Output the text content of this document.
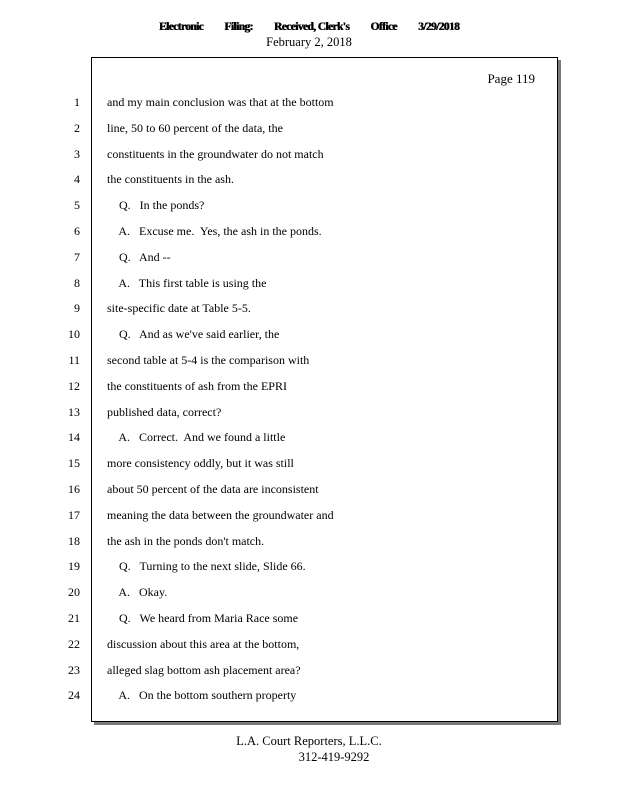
Electronic Filing: Received, Clerk's Office 3/29/2018
February 2, 2018
Page 119
1 and my main conclusion was that at the bottom
2 line, 50 to 60 percent of the data, the
3 constituents in the groundwater do not match
4 the constituents in the ash.
5 Q.   In the ponds?
6 A.   Excuse me.  Yes, the ash in the ponds.
7 Q.   And --
8 A.   This first table is using the
9 site-specific date at Table 5-5.
10 Q.   And as we've said earlier, the
11 second table at 5-4 is the comparison with
12 the constituents of ash from the EPRI
13 published data, correct?
14 A.   Correct.  And we found a little
15 more consistency oddly, but it was still
16 about 50 percent of the data are inconsistent
17 meaning the data between the groundwater and
18 the ash in the ponds don't match.
19 Q.   Turning to the next slide, Slide 66.
20 A.   Okay.
21 Q.   We heard from Maria Race some
22 discussion about this area at the bottom,
23 alleged slag bottom ash placement area?
24 A.   On the bottom southern property
L.A. Court Reporters, L.L.C.
312-419-9292
